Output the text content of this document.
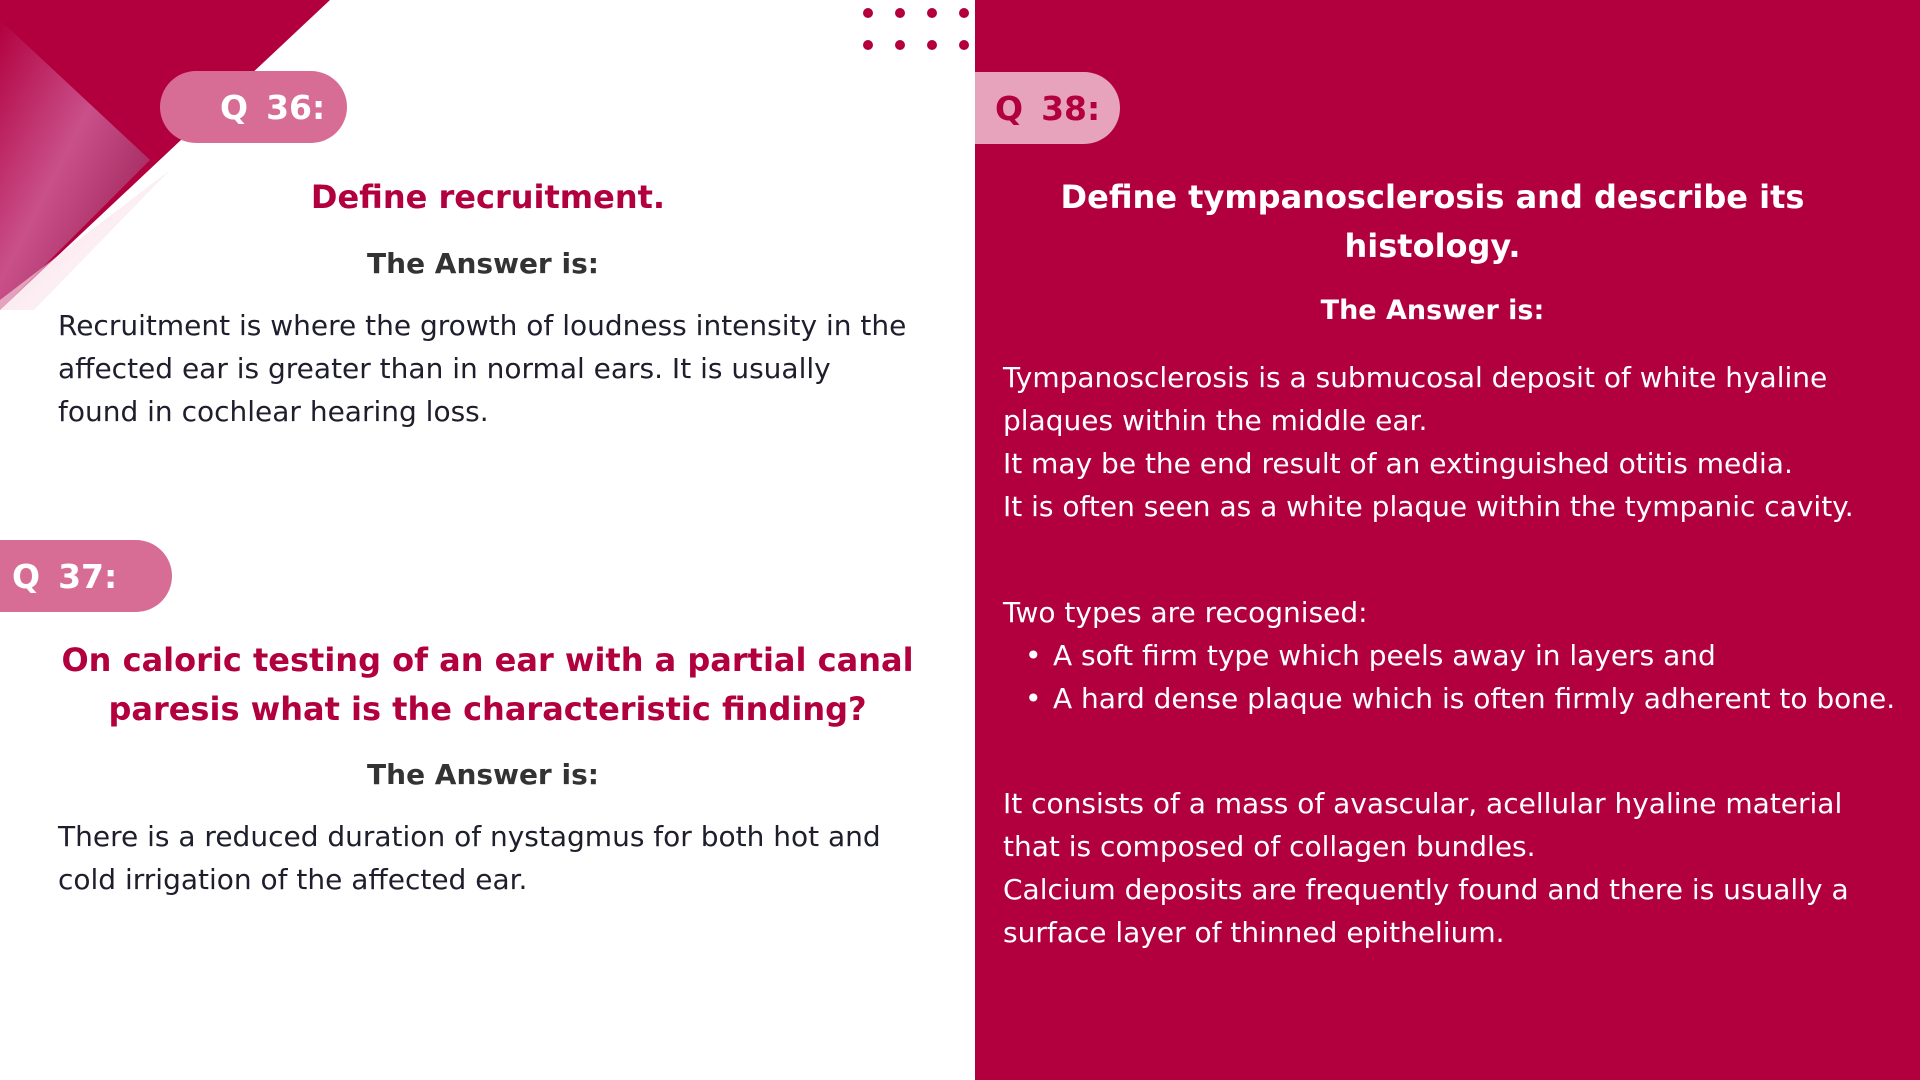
Q 36:
Define recruitment.
The Answer is:

Recruitment is where the growth of loudness intensity in the affected ear is greater than in normal ears. It is usually found in cochlear hearing loss.

Q 37:
On caloric testing of an ear with a partial canal
paresis what is the characteristic finding?
The Answer is:

There is a reduced duration of nystagmus for both hot and cold irrigation of the affected ear.

Q 38:
Define tympanosclerosis and describe its
histology.
The Answer is:
Tympanosclerosis is a submucosal deposit of white hyaline plaques within the middle ear.
It may be the end result of an extinguished otitis media.
It is often seen as a white plaque within the tympanic cavity.
Two types are recognised:
• A soft firm type which peels away in layers and
• A hard dense plaque which is often firmly adherent to bone.
It consists of a mass of avascular, acellular hyaline material that is composed of collagen bundles.
Calcium deposits are frequently found and there is usually a surface layer of thinned epithelium.
